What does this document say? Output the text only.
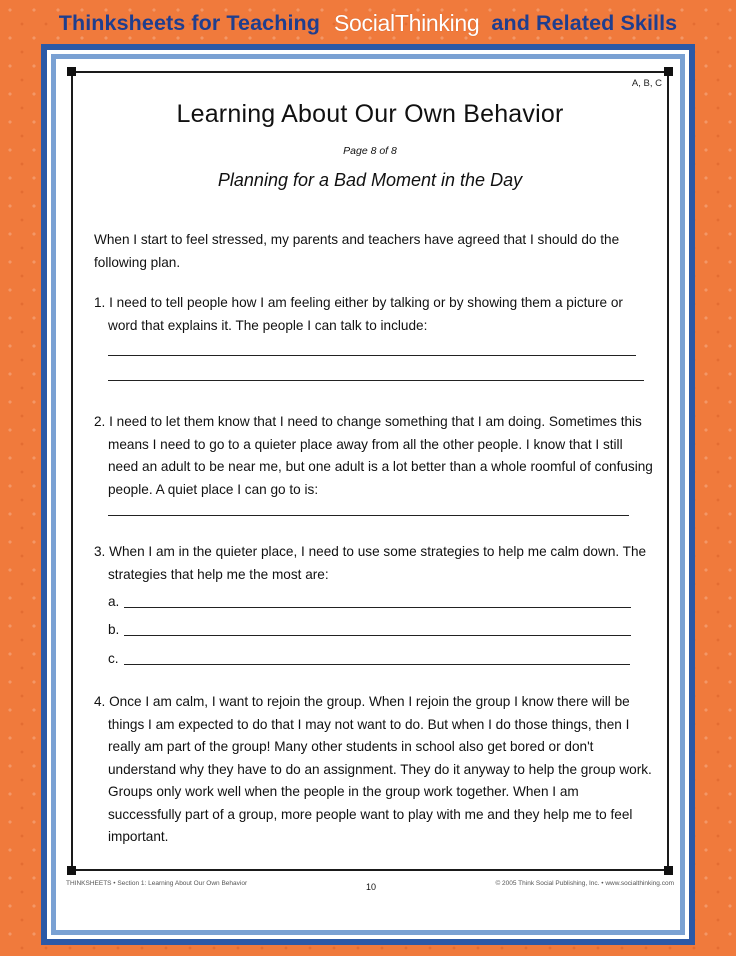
Thinksheets for Teaching SocialThinking and Related Skills
A, B, C
Learning About Our Own Behavior
Page 8 of 8
Planning for a Bad Moment in the Day
When I start to feel stressed, my parents and teachers have agreed that I should do the following plan.
1. I need to tell people how I am feeling either by talking or by showing them a picture or word that explains it. The people I can talk to include:
2. I need to let them know that I need to change something that I am doing. Sometimes this means I need to go to a quieter place away from all the other people. I know that I still need an adult to be near me, but one adult is a lot better than a whole roomful of confusing people. A quiet place I can go to is:
3. When I am in the quieter place, I need to use some strategies to help me calm down. The strategies that help me the most are:
a.
b.
c.
4. Once I am calm, I want to rejoin the group. When I rejoin the group I know there will be things I am expected to do that I may not want to do. But when I do those things, then I really am part of the group! Many other students in school also get bored or don't understand why they have to do an assignment. They do it anyway to help the group work. Groups only work well when the people in the group work together. When I am successfully part of a group, more people want to play with me and they help me to feel important.
THINKSHEETS • Section 1: Learning About Our Own Behavior	10	© 2005 Think Social Publishing, Inc. • www.socialthinking.com
